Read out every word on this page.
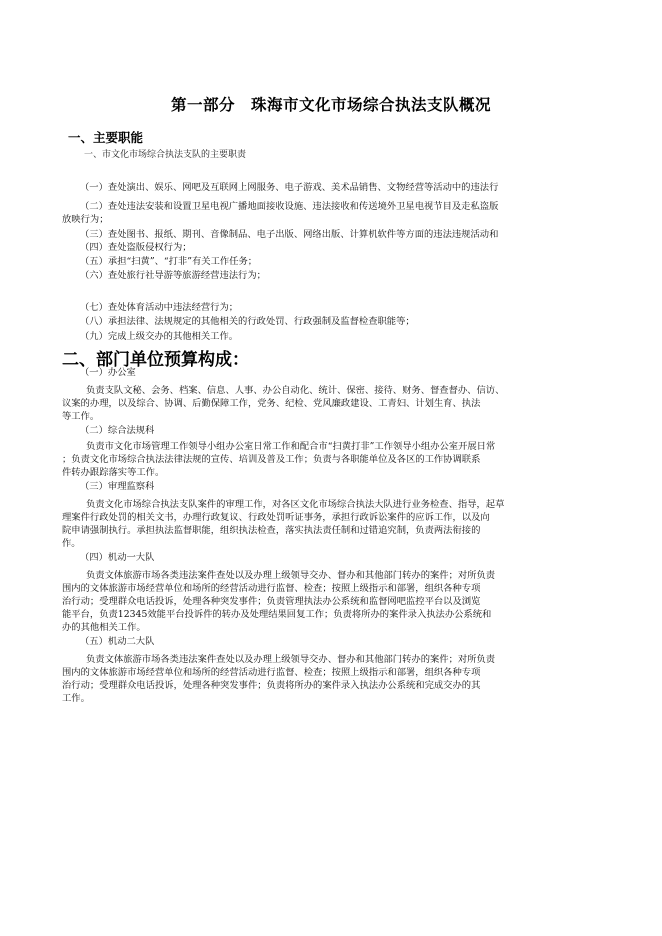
第一部分　珠海市文化市场综合执法支队概况
一、主要职能
一、市文化市场综合执法支队的主要职责
（一）查处演出、娱乐、网吧及互联网上网服务、电子游戏、美术品销售、文物经营等活动中的违法行
（二）查处违法安装和设置卫星电视广播地面接收设施、违法接收和传送境外卫星电视节目及走私盗版
放映行为；
（三）查处图书、报纸、期刊、音像制品、电子出版、网络出版、计算机软件等方面的违法违规活动和
（四）查处盗版侵权行为；
（五）承担“扫黄”、“打非”有关工作任务；
（六）查处旅行社导游等旅游经营违法行为；
（七）查处体育活动中违法经营行为；
（八）承担法律、法规规定的其他相关的行政处罚、行政强制及监督检查职能等；
（九）完成上级交办的其他相关工作。
二、部门单位预算构成：
（一）办公室
负责支队文秘、会务、档案、信息、人事、办公自动化、统计、保密、接待、财务、督查督办、信访、
议案的办理，以及综合、协调、后勤保障工作，党务、纪检、党风廉政建设、工青妇、计划生育、执法
等工作。
（二）综合法规科
负责市文化市场管理工作领导小组办公室日常工作和配合市“扫黄打非”工作领导小组办公室开展日常
；负责文化市场综合执法法律法规的宣传、培训及普及工作；负责与各职能单位及各区的工作协调联系
件转办跟踪落实等工作。
（三）审理监察科
负责文化市场综合执法支队案件的审理工作，对各区文化市场综合执法大队进行业务检查、指导，起草
理案件行政处罚的相关文书，办理行政复议、行政处罚听证事务，承担行政诉讼案件的应诉工作，以及向
院申请强制执行。承担执法监督职能，组织执法检查，落实执法责任制和过错追究制，负责两法衔接的
作。
（四）机动一大队
负责文体旅游市场各类违法案件查处以及办理上级领导交办、督办和其他部门转办的案件；对所负责
围内的文体旅游市场经营单位和场所的经营活动进行监督、检查；按照上级指示和部署，组织各种专项
治行动；受理群众电话投诉，处理各种突发事件；负责管理执法办公系统和监督网吧监控平台以及浏览
能平台，负责12345效能平台投诉件的转办及处理结果回复工作；负责将所办的案件录入执法办公系统和
办的其他相关工作。
（五）机动二大队
负责文体旅游市场各类违法案件查处以及办理上级领导交办、督办和其他部门转办的案件；对所负责
围内的文体旅游市场经营单位和场所的经营活动进行监督、检查；按照上级指示和部署，组织各种专项
治行动；受理群众电话投诉，处理各种突发事件；负责将所办的案件录入执法办公系统和完成交办的其
工作。
